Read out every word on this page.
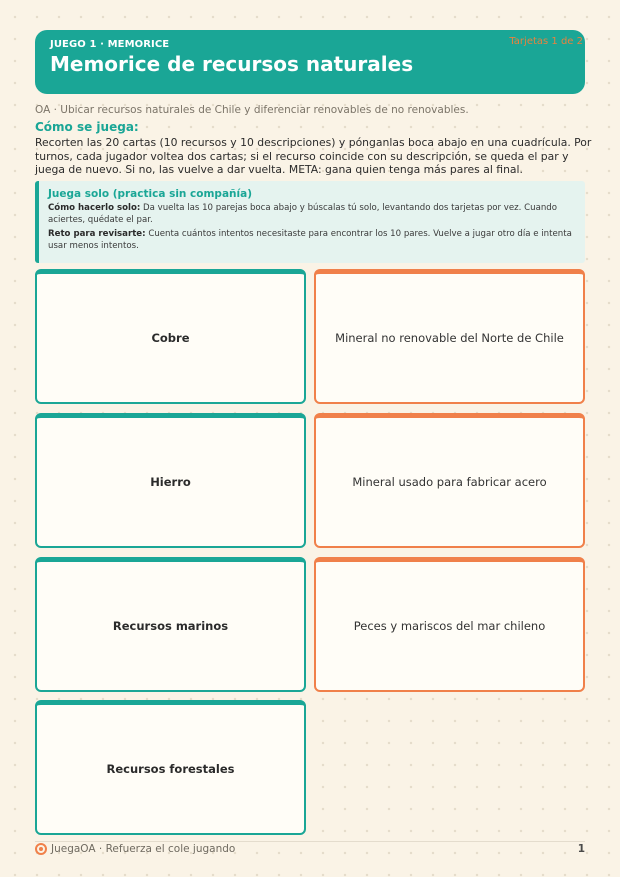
JUEGO 1 · MEMORICE
Memorice de recursos naturales
Tarjetas 1 de 2
OA · Ubicar recursos naturales de Chile y diferenciar renovables de no renovables.
Cómo se juega:
Recorten las 20 cartas (10 recursos y 10 descripciones) y pónganlas boca abajo en una cuadrícula. Por turnos, cada jugador voltea dos cartas; si el recurso coincide con su descripción, se queda el par y juega de nuevo. Si no, las vuelve a dar vuelta. META: gana quien tenga más pares al final.
Juega solo (practica sin compañía)
Cómo hacerlo solo: Da vuelta las 10 parejas boca abajo y búscalas tú solo, levantando dos tarjetas por vez. Cuando aciertes, quédate el par.
Reto para revisarte: Cuenta cuántos intentos necesitaste para encontrar los 10 pares. Vuelve a jugar otro día e intenta usar menos intentos.
Cobre	Mineral no renovable del Norte de Chile
Hierro	Mineral usado para fabricar acero
Recursos marinos	Peces y mariscos del mar chileno
Recursos forestales
JuegaOA · Refuerza el cole jugando	1
